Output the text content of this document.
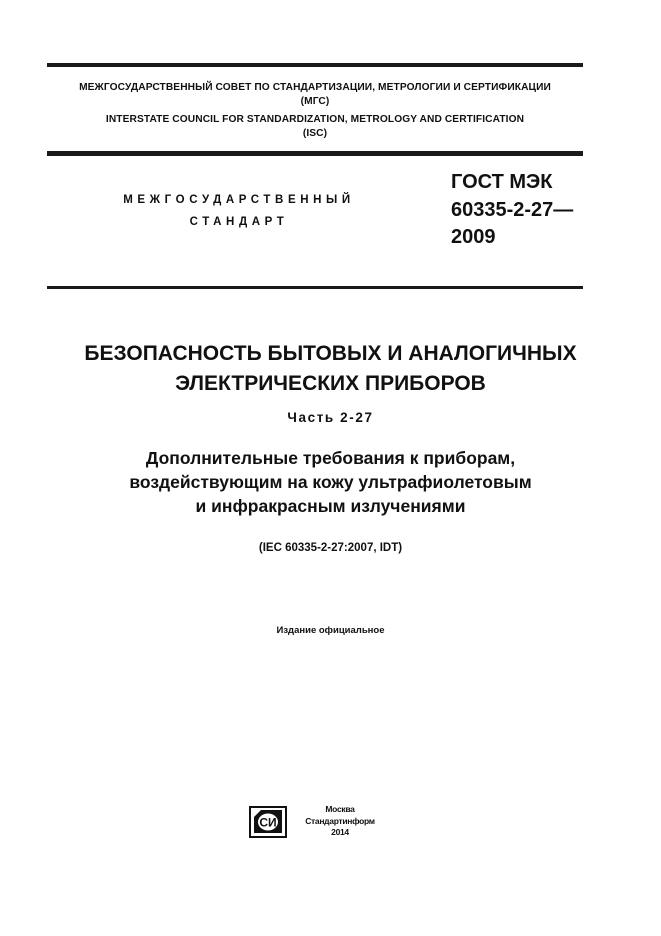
МЕЖГОСУДАРСТВЕННЫЙ СОВЕТ ПО СТАНДАРТИЗАЦИИ, МЕТРОЛОГИИ И СЕРТИФИКАЦИИ
(МГС)
INTERSTATE COUNCIL FOR STANDARDIZATION, METROLOGY AND CERTIFICATION
(ISC)
МЕЖГОСУДАРСТВЕННЫЙ
СТАНДАРТ
ГОСТ МЭК
60335-2-27—
2009
БЕЗОПАСНОСТЬ БЫТОВЫХ И АНАЛОГИЧНЫХ
ЭЛЕКТРИЧЕСКИХ ПРИБОРОВ
Часть 2-27
Дополнительные требования к приборам,
воздействующим на кожу ультрафиолетовым
и инфракрасным излучениями
(IEC 60335-2-27:2007, IDT)
Издание официальное
СИ
Москва
Стандартинформ
2014
